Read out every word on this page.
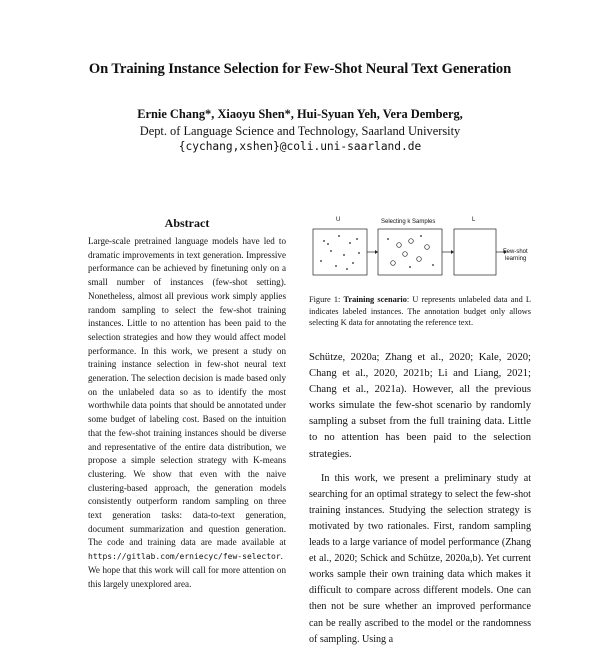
On Training Instance Selection for Few-Shot Neural Text Generation
Ernie Chang*, Xiaoyu Shen*, Hui-Syuan Yeh, Vera Demberg,
Dept. of Language Science and Technology, Saarland University
{cychang,xshen}@coli.uni-saarland.de
Abstract
Large-scale pretrained language models have led to dramatic improvements in text generation. Impressive performance can be achieved by finetuning only on a small number of instances (few-shot setting). Nonetheless, almost all previous work simply applies random sampling to select the few-shot training instances. Little to no attention has been paid to the selection strategies and how they would affect model performance. In this work, we present a study on training instance selection in few-shot neural text generation. The selection decision is made based only on the unlabeled data so as to identify the most worthwhile data points that should be annotated under some budget of labeling cost. Based on the intuition that the few-shot training instances should be diverse and representative of the entire data distribution, we propose a simple selection strategy with K-means clustering. We show that even with the naive clustering-based approach, the generation models consistently outperform random sampling on three text generation tasks: data-to-text generation, document summarization and question generation. The code and training data are made available at https://gitlab.com/erniecyc/few-selector. We hope that this work will call for more attention on this largely unexplored area.
U	Selecting k Samples	L
Few-shot
learning
Figure 1: Training scenario: U represents unlabeled data and L indicates labeled instances. The annotation budget only allows selecting K data for annotating the reference text.

Schütze, 2020a; Zhang et al., 2020; Kale, 2020; Chang et al., 2020, 2021b; Li and Liang, 2021; Chang et al., 2021a). However, all the previous works simulate the few-shot scenario by randomly sampling a subset from the full training data. Little to no attention has been paid to the selection strategies.

In this work, we present a preliminary study at searching for an optimal strategy to select the few-shot training instances. Studying the selection strategy is motivated by two rationales. First, random sampling leads to a large variance of model performance (Zhang et al., 2020; Schick and Schütze, 2020a,b). Yet current works sample their own training data which makes it difficult to compare across different models. One can then not be sure whether an improved performance can be really ascribed to the model or the randomness of sampling. Using a
